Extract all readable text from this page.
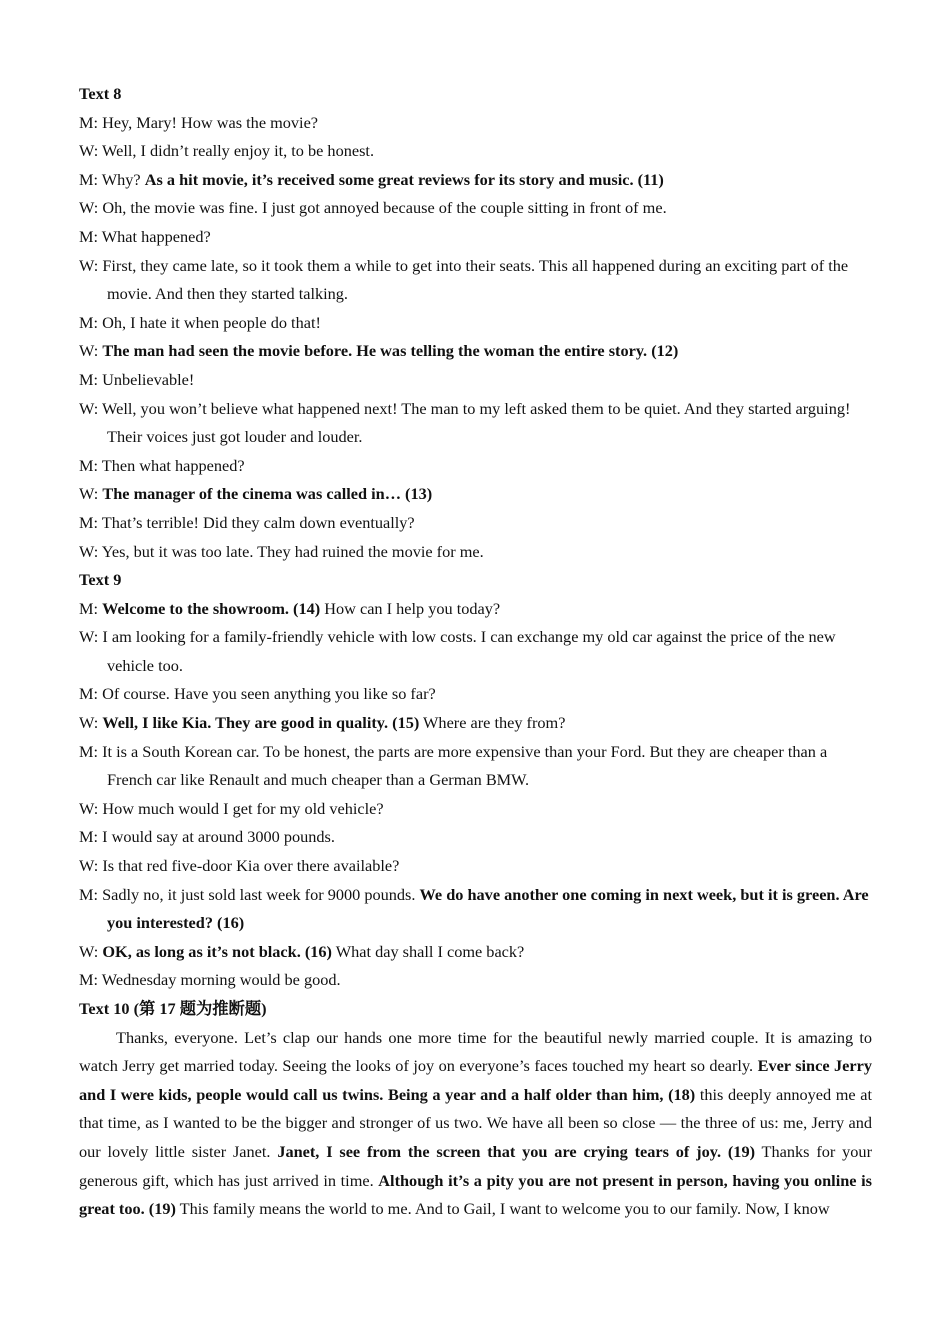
Text 8
M: Hey, Mary! How was the movie?
W: Well, I didn’t really enjoy it, to be honest.
M: Why? As a hit movie, it’s received some great reviews for its story and music. (11)
W: Oh, the movie was fine. I just got annoyed because of the couple sitting in front of me.
M: What happened?
W: First, they came late, so it took them a while to get into their seats. This all happened during an exciting part of the movie. And then they started talking.
M: Oh, I hate it when people do that!
W: The man had seen the movie before. He was telling the woman the entire story. (12)
M: Unbelievable!
W: Well, you won’t believe what happened next! The man to my left asked them to be quiet. And they started arguing! Their voices just got louder and louder.
M: Then what happened?
W: The manager of the cinema was called in… (13)
M: That’s terrible! Did they calm down eventually?
W: Yes, but it was too late. They had ruined the movie for me.
Text 9
M: Welcome to the showroom. (14) How can I help you today?
W: I am looking for a family-friendly vehicle with low costs. I can exchange my old car against the price of the new vehicle too.
M: Of course. Have you seen anything you like so far?
W: Well, I like Kia. They are good in quality. (15) Where are they from?
M: It is a South Korean car. To be honest, the parts are more expensive than your Ford. But they are cheaper than a French car like Renault and much cheaper than a German BMW.
W: How much would I get for my old vehicle?
M: I would say at around 3000 pounds.
W: Is that red five-door Kia over there available?
M: Sadly no, it just sold last week for 9000 pounds. We do have another one coming in next week, but it is green. Are you interested? (16)
W: OK, as long as it’s not black. (16) What day shall I come back?
M: Wednesday morning would be good.
Text 10 (第 17 题为推断题)
Thanks, everyone. Let’s clap our hands one more time for the beautiful newly married couple. It is amazing to watch Jerry get married today. Seeing the looks of joy on everyone’s faces touched my heart so dearly. Ever since Jerry and I were kids, people would call us twins. Being a year and a half older than him, (18) this deeply annoyed me at that time, as I wanted to be the bigger and stronger of us two. We have all been so close — the three of us: me, Jerry and our lovely little sister Janet. Janet, I see from the screen that you are crying tears of joy. (19) Thanks for your generous gift, which has just arrived in time. Although it’s a pity you are not present in person, having you online is great too. (19) This family means the world to me. And to Gail, I want to welcome you to our family. Now, I know
